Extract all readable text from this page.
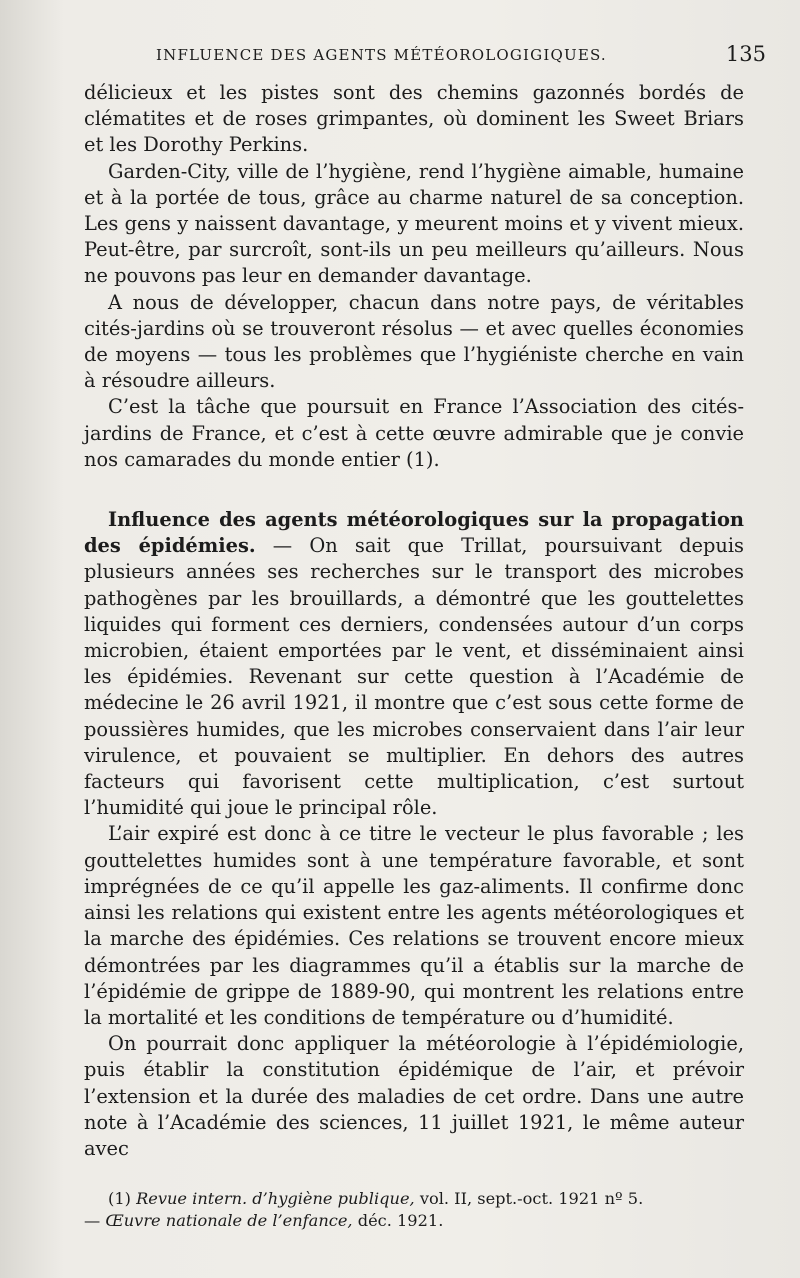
INFLUENCE DES AGENTS MÉTÉOROLOGIGIQUES.	135

délicieux et les pistes sont des chemins gazonnés bordés de clématites et de roses grimpantes, où dominent les Sweet Briars et les Dorothy Perkins.

Garden-City, ville de l’hygiène, rend l’hygiène aimable, humaine et à la portée de tous, grâce au charme naturel de sa conception. Les gens y naissent davantage, y meurent moins et y vivent mieux. Peut-être, par surcroît, sont-ils un peu meilleurs qu’ailleurs. Nous ne pouvons pas leur en demander davantage.

A nous de développer, chacun dans notre pays, de véritables cités-jardins où se trouveront résolus — et avec quelles économies de moyens — tous les problèmes que l’hygiéniste cherche en vain à résoudre ailleurs.

C’est la tâche que poursuit en France l’Association des cités-jardins de France, et c’est à cette œuvre admirable que je convie nos camarades du monde entier (1).

Influence des agents météorologiques sur la propagation des épidémies. — On sait que Trillat, poursuivant depuis plusieurs années ses recherches sur le transport des microbes pathogènes par les brouillards, a démontré que les gouttelettes liquides qui forment ces derniers, condensées autour d’un corps microbien, étaient emportées par le vent, et disséminaient ainsi les épidémies. Revenant sur cette question à l’Académie de médecine le 26 avril 1921, il montre que c’est sous cette forme de poussières humides, que les microbes conservaient dans l’air leur virulence, et pouvaient se multiplier. En dehors des autres facteurs qui favorisent cette multiplication, c’est surtout l’humidité qui joue le principal rôle.

L’air expiré est donc à ce titre le vecteur le plus favorable ; les gouttelettes humides sont à une température favorable, et sont imprégnées de ce qu’il appelle les gaz-aliments. Il confirme donc ainsi les relations qui existent entre les agents météorologiques et la marche des épidémies. Ces relations se trouvent encore mieux démontrées par les diagrammes qu’il a établis sur la marche de l’épidémie de grippe de 1889-90, qui montrent les relations entre la mortalité et les conditions de température ou d’humidité.

On pourrait donc appliquer la météorologie à l’épidémiologie, puis établir la constitution épidémique de l’air, et prévoir l’extension et la durée des maladies de cet ordre. Dans une autre note à l’Académie des sciences, 11 juillet 1921, le même auteur avec

(1) Revue intern. d’hygiène publique, vol. II, sept.-oct. 1921 nº 5.

— Œuvre nationale de l’enfance, déc. 1921.
